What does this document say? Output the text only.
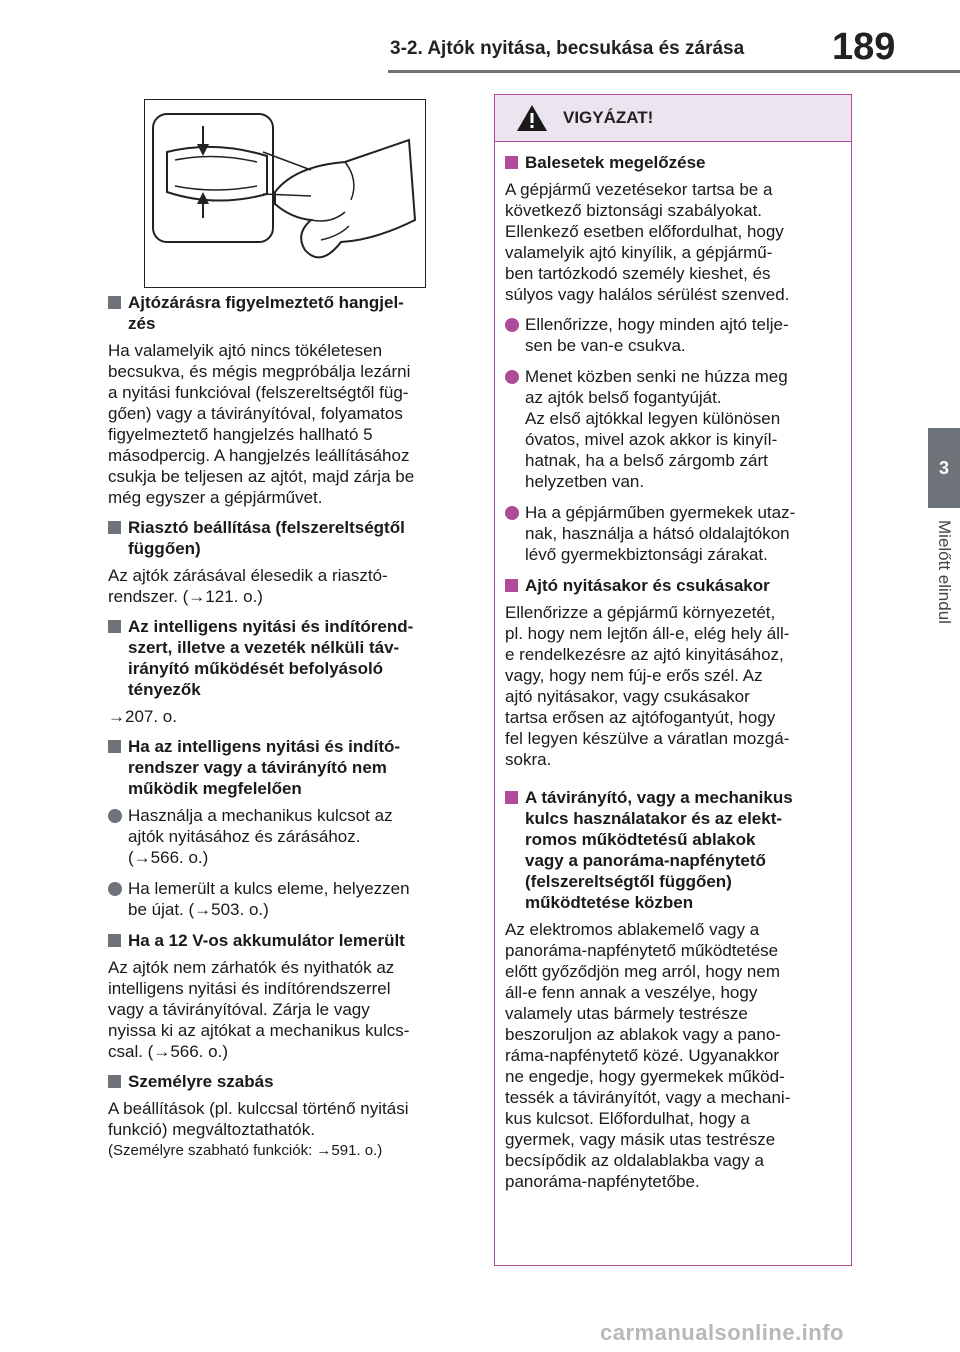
3-2. Ajtók nyitása, becsukása és zárása 189
3
Mielőtt elindul
Ajtózárásra figyelmeztető hangjel-
zés
Ha valamelyik ajtó nincs tökéletesen
becsukva, és mégis megpróbálja lezárni
a nyitási funkcióval (felszereltségtől füg-
gően) vagy a távirányítóval, folyamatos
figyelmeztető hangjelzés hallható 5
másodpercig. A hangjelzés leállításához
csukja be teljesen az ajtót, majd zárja be
még egyszer a gépjárművet.
Riasztó beállítása (felszereltségtől
függően)
Az ajtók zárásával élesedik a riasztó-
rendszer. (→121. o.)
Az intelligens nyitási és indítórend-
szert, illetve a vezeték nélküli táv-
irányító működését befolyásoló
tényezők
→207. o.
Ha az intelligens nyitási és indító-
rendszer vagy a távirányító nem
működik megfelelően
Használja a mechanikus kulcsot az
ajtók nyitásához és zárásához.
(→566. o.)
Ha lemerült a kulcs eleme, helyezzen
be újat. (→503. o.)
Ha a 12 V-os akkumulátor lemerült
Az ajtók nem zárhatók és nyithatók az
intelligens nyitási és indítórendszerrel
vagy a távirányítóval. Zárja le vagy
nyissa ki az ajtókat a mechanikus kulcs-
csal. (→566. o.)
Személyre szabás
A beállítások (pl. kulccsal történő nyitási
funkció) megváltoztathatók.
(Személyre szabható funkciók: →591. o.)
VIGYÁZAT!
Balesetek megelőzése
A gépjármű vezetésekor tartsa be a
következő biztonsági szabályokat.
Ellenkező esetben előfordulhat, hogy
valamelyik ajtó kinyílik, a gépjármű-
ben tartózkodó személy kieshet, és
súlyos vagy halálos sérülést szenved.
Ellenőrizze, hogy minden ajtó telje-
sen be van-e csukva.
Menet közben senki ne húzza meg
az ajtók belső fogantyúját.
Az első ajtókkal legyen különösen
óvatos, mivel azok akkor is kinyíl-
hatnak, ha a belső zárgomb zárt
helyzetben van.
Ha a gépjárműben gyermekek utaz-
nak, használja a hátsó oldalajtókon
lévő gyermekbiztonsági zárakat.
Ajtó nyitásakor és csukásakor
Ellenőrizze a gépjármű környezetét,
pl. hogy nem lejtőn áll-e, elég hely áll-
e rendelkezésre az ajtó kinyitásához,
vagy, hogy nem fúj-e erős szél. Az
ajtó nyitásakor, vagy csukásakor
tartsa erősen az ajtófogantyút, hogy
fel legyen készülve a váratlan mozgá-
sokra.
A távirányító, vagy a mechanikus
kulcs használatakor és az elekt-
romos működtetésű ablakok
vagy a panoráma-napfénytető
(felszereltségtől függően)
működtetése közben
Az elektromos ablakemelő vagy a
panoráma-napfénytető működtetése
előtt győződjön meg arról, hogy nem
áll-e fenn annak a veszélye, hogy
valamely utas bármely testrésze
beszoruljon az ablakok vagy a pano-
ráma-napfénytető közé. Ugyanakkor
ne engedje, hogy gyermekek működ-
tessék a távirányítót, vagy a mechani-
kus kulcsot. Előfordulhat, hogy a
gyermek, vagy másik utas testrésze
becsípődik az oldalablakba vagy a
panoráma-napfénytetőbe.
carmanualsonline.info
